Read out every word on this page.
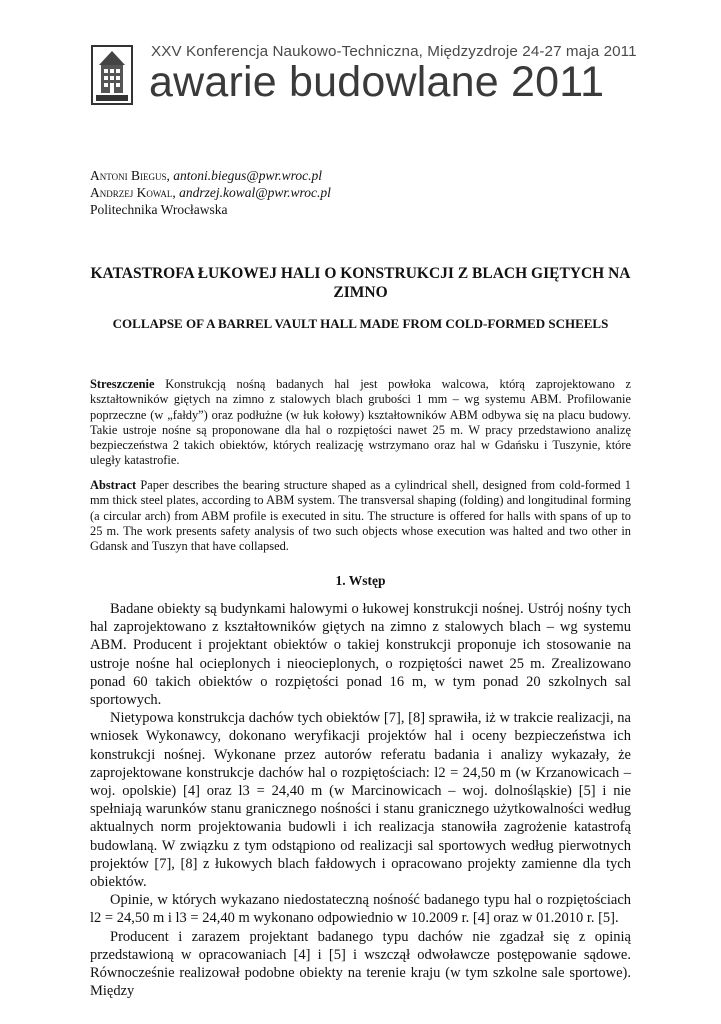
XXV Konferencja Naukowo-Techniczna, Międzyzdroje 24-27 maja 2011
awarie budowlane 2011
Antoni Biegus, antoni.biegus@pwr.wroc.pl
Andrzej Kowal, andrzej.kowal@pwr.wroc.pl
Politechnika Wrocławska
KATASTROFA ŁUKOWEJ HALI O KONSTRUKCJI Z BLACH GIĘTYCH NA ZIMNO
COLLAPSE OF A BARREL VAULT HALL MADE FROM COLD-FORMED SCHEELS
Streszczenie Konstrukcją nośną badanych hal jest powłoka walcowa, którą zaprojektowano z kształtowników giętych na zimno z stalowych blach grubości 1 mm – wg systemu ABM. Profilowanie poprzeczne (w „fałdy”) oraz podłużne (w łuk kołowy) kształtowników ABM odbywa się na placu budowy. Takie ustroje nośne są proponowane dla hal o rozpiętości nawet 25 m. W pracy przedstawiono analizę bezpieczeństwa 2 takich obiektów, których realizację wstrzymano oraz hal w Gdańsku i Tuszynie, które uległy katastrofie.
Abstract Paper describes the bearing structure shaped as a cylindrical shell, designed from cold-formed 1 mm thick steel plates, according to ABM system. The transversal shaping (folding) and longitudinal forming (a circular arch) from ABM profile is executed in situ. The structure is offered for halls with spans of up to 25 m. The work presents safety analysis of two such objects whose execution was halted and two other in Gdansk and Tuszyn that have collapsed.
1. Wstęp

Badane obiekty są budynkami halowymi o łukowej konstrukcji nośnej. Ustrój nośny tych hal zaprojektowano z kształtowników giętych na zimno z stalowych blach – wg systemu ABM. Producent i projektant obiektów o takiej konstrukcji proponuje ich stosowanie na ustroje nośne hal ocieplonych i nieocieplonych, o rozpiętości nawet 25 m. Zrealizowano ponad 60 takich obiektów o rozpiętości ponad 16 m, w tym ponad 20 szkolnych sal sportowych.

Nietypowa konstrukcja dachów tych obiektów [7], [8] sprawiła, iż w trakcie realizacji, na wniosek Wykonawcy, dokonano weryfikacji projektów hal i oceny bezpieczeństwa ich konstrukcji nośnej. Wykonane przez autorów referatu badania i analizy wykazały, że zaprojektowane konstrukcje dachów hal o rozpiętościach: l2 = 24,50 m (w Krzanowicach – woj. opolskie) [4] oraz l3 = 24,40 m (w Marcinowicach – woj. dolnośląskie) [5] i nie spełniają warunków stanu granicznego nośności i stanu granicznego użytkowalności według aktualnych norm projektowania budowli i ich realizacja stanowiła zagrożenie katastrofą budowlaną. W związku z tym odstąpiono od realizacji sal sportowych według pierwotnych projektów [7], [8] z łukowych blach fałdowych i opracowano projekty zamienne dla tych obiektów.

Opinie, w których wykazano niedostateczną nośność badanego typu hal o rozpiętościach l2 = 24,50 m i l3 = 24,40 m wykonano odpowiednio w 10.2009 r. [4] oraz w 01.2010 r. [5].

Producent i zarazem projektant badanego typu dachów nie zgadzał się z opinią przedstawioną w opracowaniach [4] i [5] i wszczął odwoławcze postępowanie sądowe. Równocześnie realizował podobne obiekty na terenie kraju (w tym szkolne sale sportowe). Między
